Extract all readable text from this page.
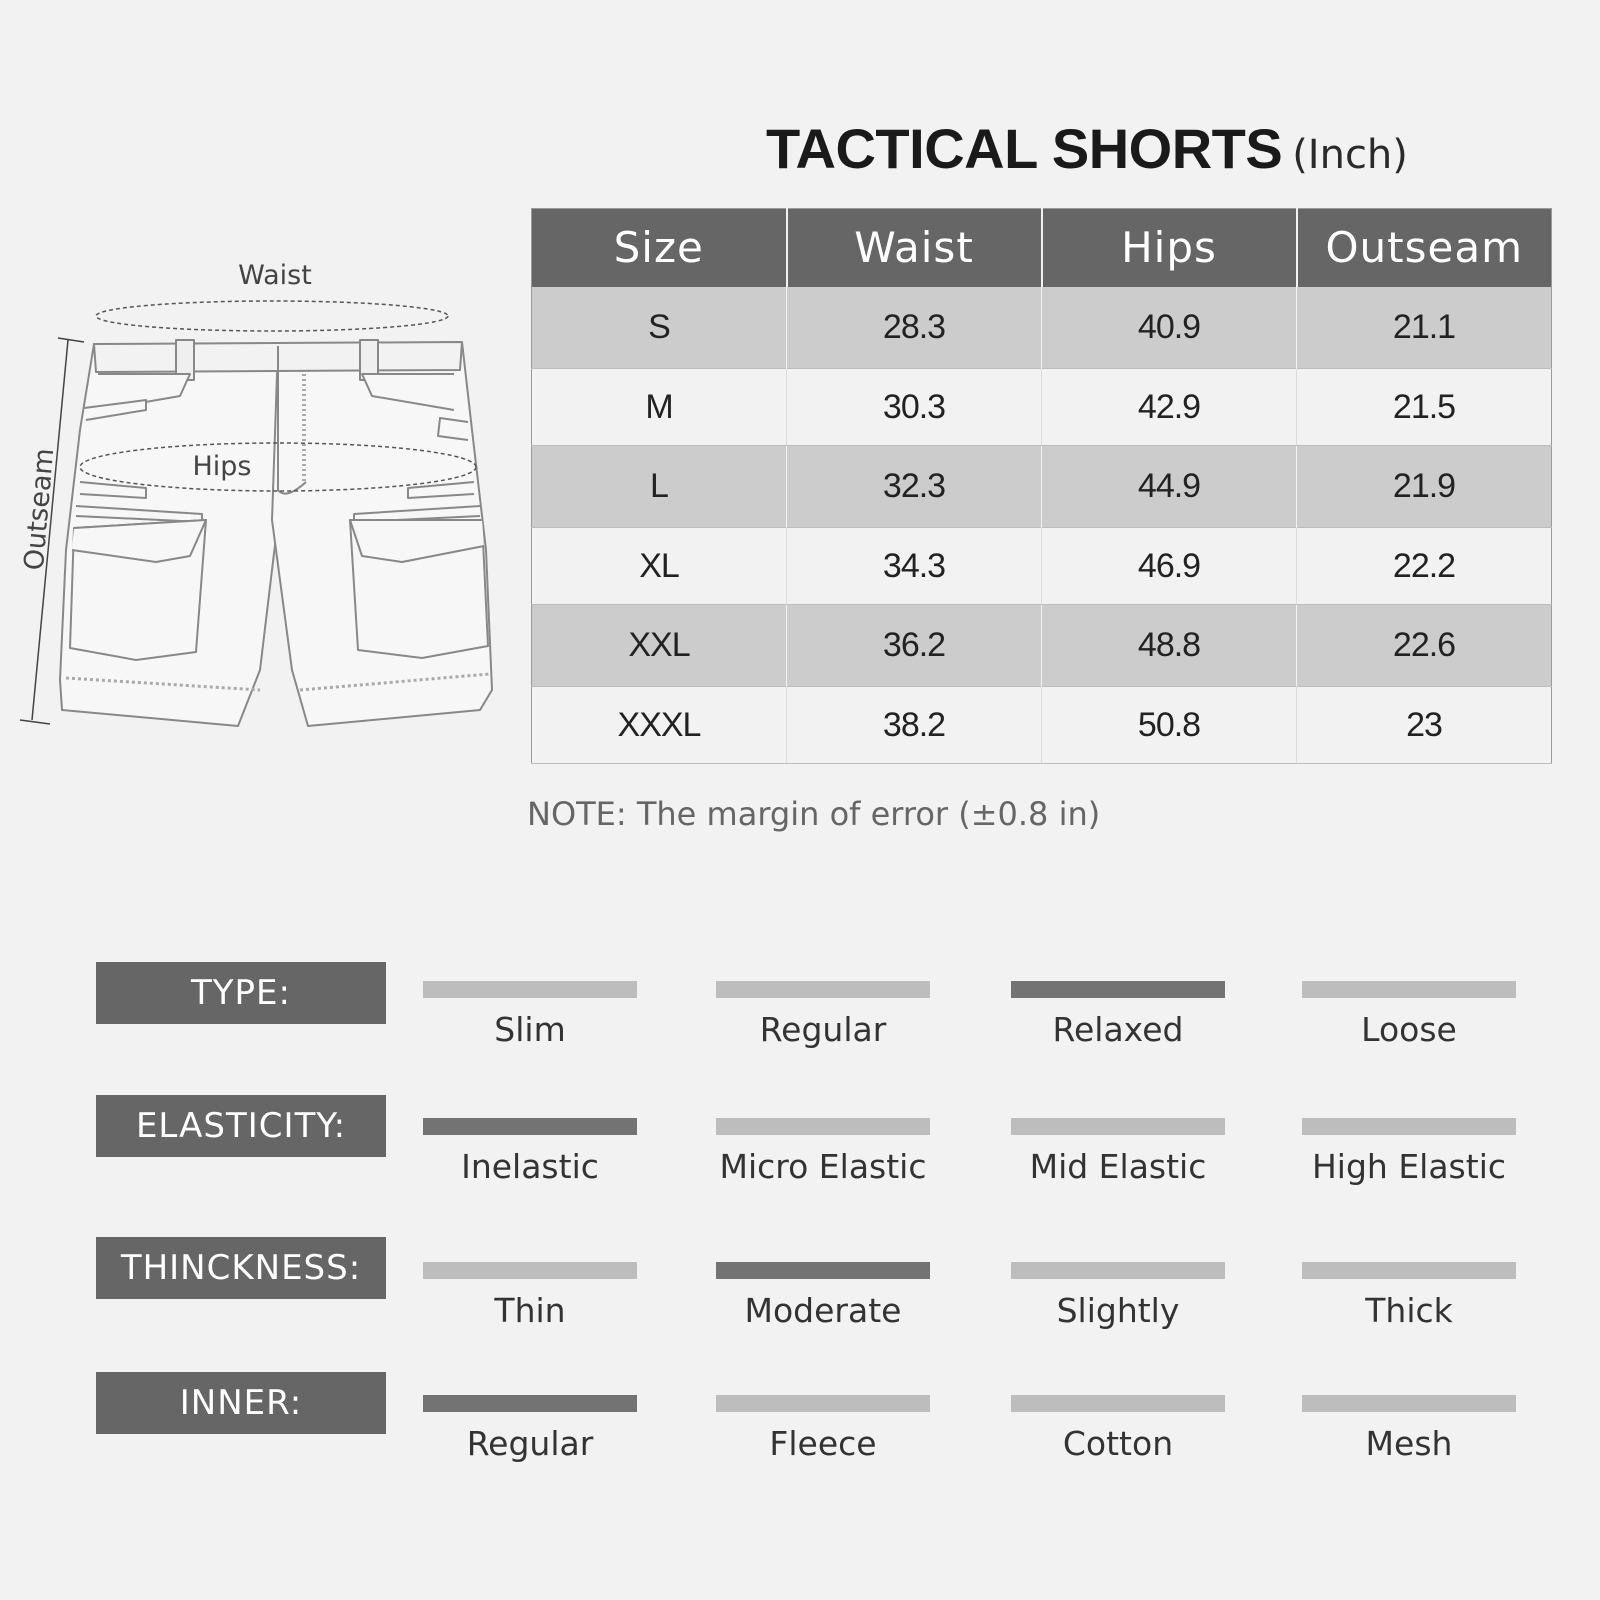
TACTICAL SHORTS (Inch)
Waist
Hips
Outseam
Size	Waist	Hips	Outseam
S	28.3	40.9	21.1
M	30.3	42.9	21.5
L	32.3	44.9	21.9
XL	34.3	46.9	22.2
XXL	36.2	48.8	22.6
XXXL	38.2	50.8	23
NOTE: The margin of error (±0.8 in)
TYPE:
Slim	Regular	Relaxed	Loose
ELASTICITY:
Inelastic	Micro Elastic	Mid Elastic	High Elastic
THINCKNESS:
Thin	Moderate	Slightly	Thick
INNER:
Regular	Fleece	Cotton	Mesh
